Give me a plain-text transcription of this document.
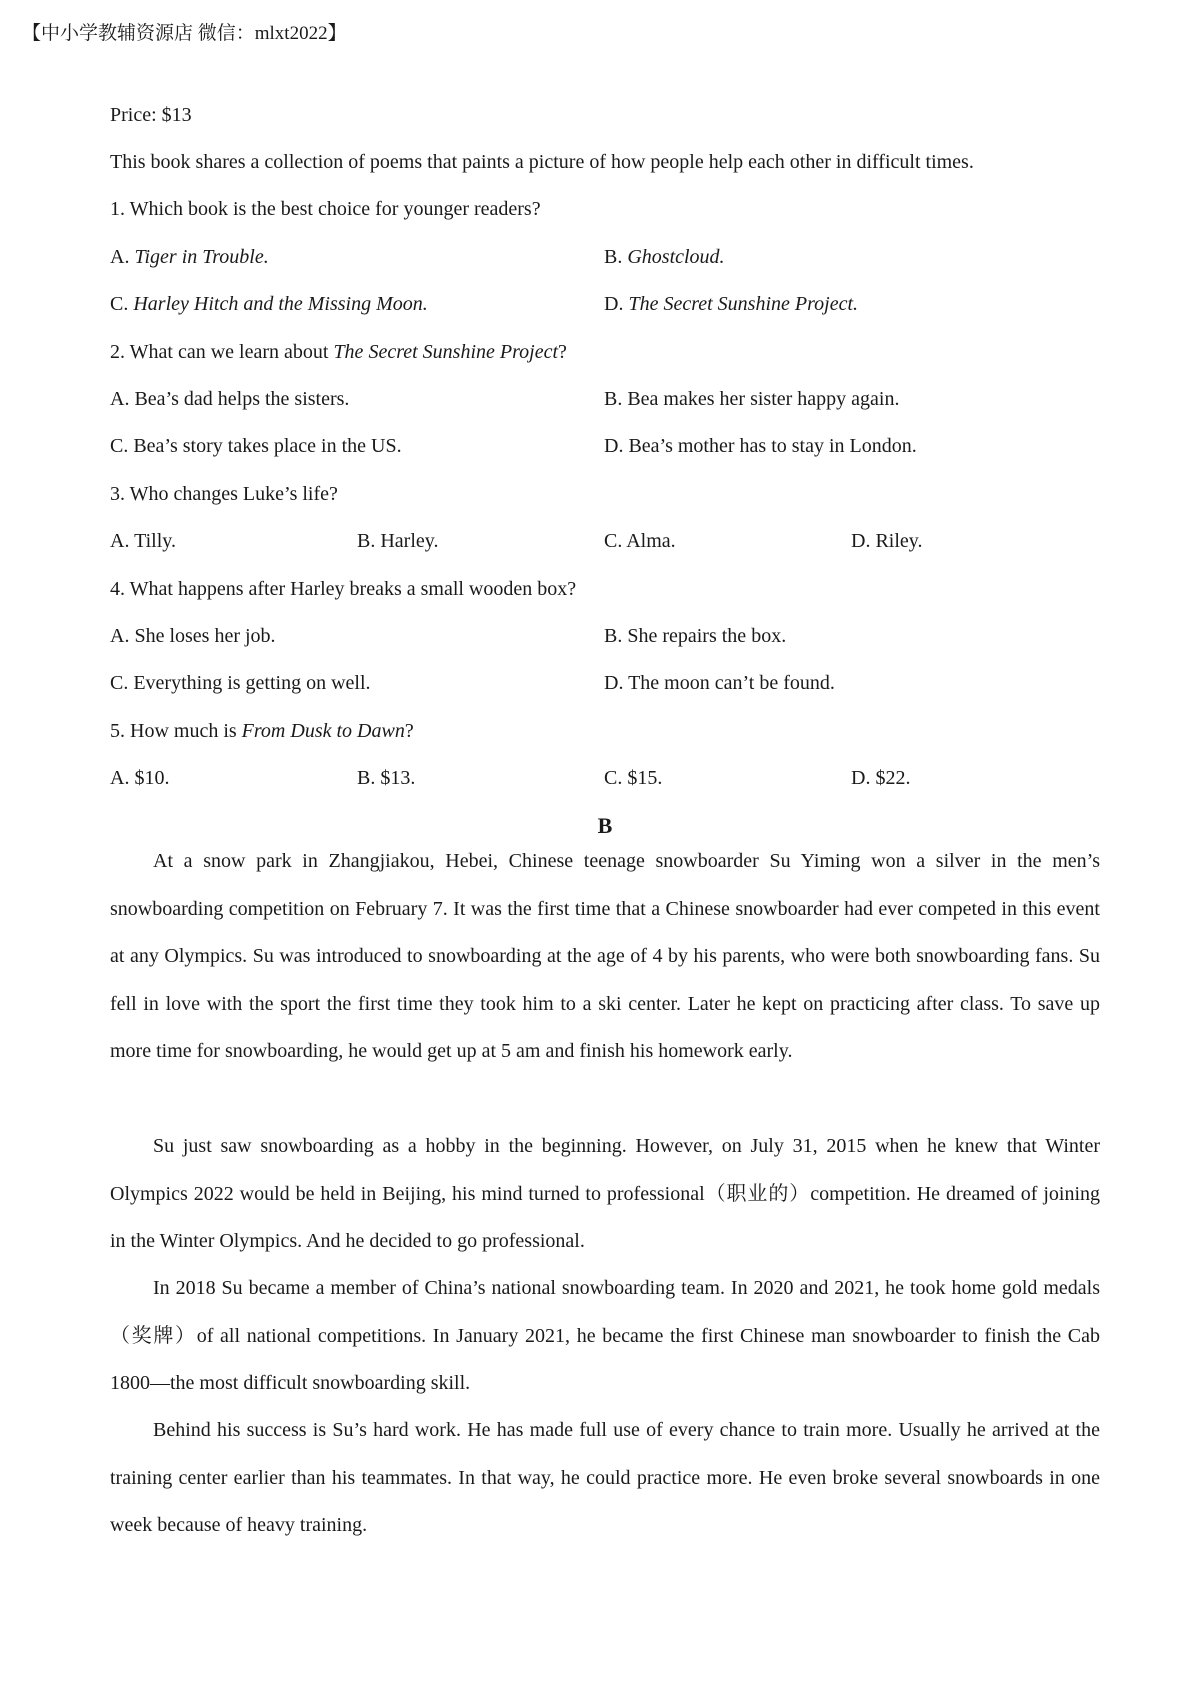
【中小学教辅资源店 微信：mlxt2022】
Price: $13
This book shares a collection of poems that paints a picture of how people help each other in difficult times.
1. Which book is the best choice for younger readers?
A. Tiger in Trouble.	B. Ghostcloud.
C. Harley Hitch and the Missing Moon.	D. The Secret Sunshine Project.
2. What can we learn about The Secret Sunshine Project?
A. Bea’s dad helps the sisters.	B. Bea makes her sister happy again.
C. Bea’s story takes place in the US.	D. Bea’s mother has to stay in London.
3. Who changes Luke’s life?
A. Tilly.	B. Harley.	C. Alma.	D. Riley.
4. What happens after Harley breaks a small wooden box?
A. She loses her job.	B. She repairs the box.
C. Everything is getting on well.	D. The moon can’t be found.
5. How much is From Dusk to Dawn?
A. $10.	B. $13.	C. $15.	D. $22.
B

At a snow park in Zhangjiakou, Hebei, Chinese teenage snowboarder Su Yiming won a silver in the men’s snowboarding competition on February 7. It was the first time that a Chinese snowboarder had ever competed in this event at any Olympics. Su was introduced to snowboarding at the age of 4 by his parents, who were both snowboarding fans. Su fell in love with the sport the first time they took him to a ski center. Later he kept on practicing after class. To save up more time for snowboarding, he would get up at 5 am and finish his homework early.

Su just saw snowboarding as a hobby in the beginning. However, on July 31, 2015 when he knew that Winter Olympics 2022 would be held in Beijing, his mind turned to professional（职业的）competition. He dreamed of joining in the Winter Olympics. And he decided to go professional.

In 2018 Su became a member of China’s national snowboarding team. In 2020 and 2021, he took home gold medals（奖牌）of all national competitions. In January 2021, he became the first Chinese man snowboarder to finish the Cab 1800—the most difficult snowboarding skill.

Behind his success is Su’s hard work. He has made full use of every chance to train more. Usually he arrived at the training center earlier than his teammates. In that way, he could practice more. He even broke several snowboards in one week because of heavy training.
